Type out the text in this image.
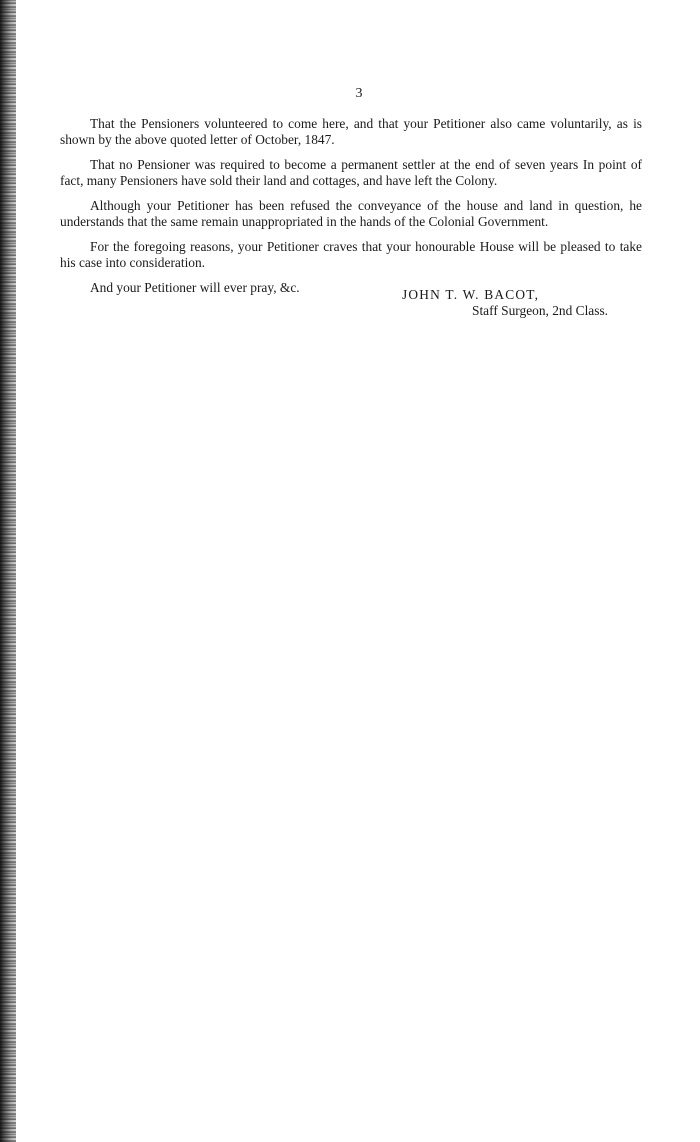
3

That the Pensioners volunteered to come here, and that your Petitioner also came voluntarily, as is shown by the above quoted letter of October, 1847.

That no Pensioner was required to become a permanent settler at the end of seven years In point of fact, many Pensioners have sold their land and cottages, and have left the Colony.

Although your Petitioner has been refused the conveyance of the house and land in question, he understands that the same remain unappropriated in the hands of the Colonial Government.

For the foregoing reasons, your Petitioner craves that your honourable House will be pleased to take his case into consideration.

And your Petitioner will ever pray, &c.	JOHN T. W. BACOT,
Staff Surgeon, 2nd Class.
